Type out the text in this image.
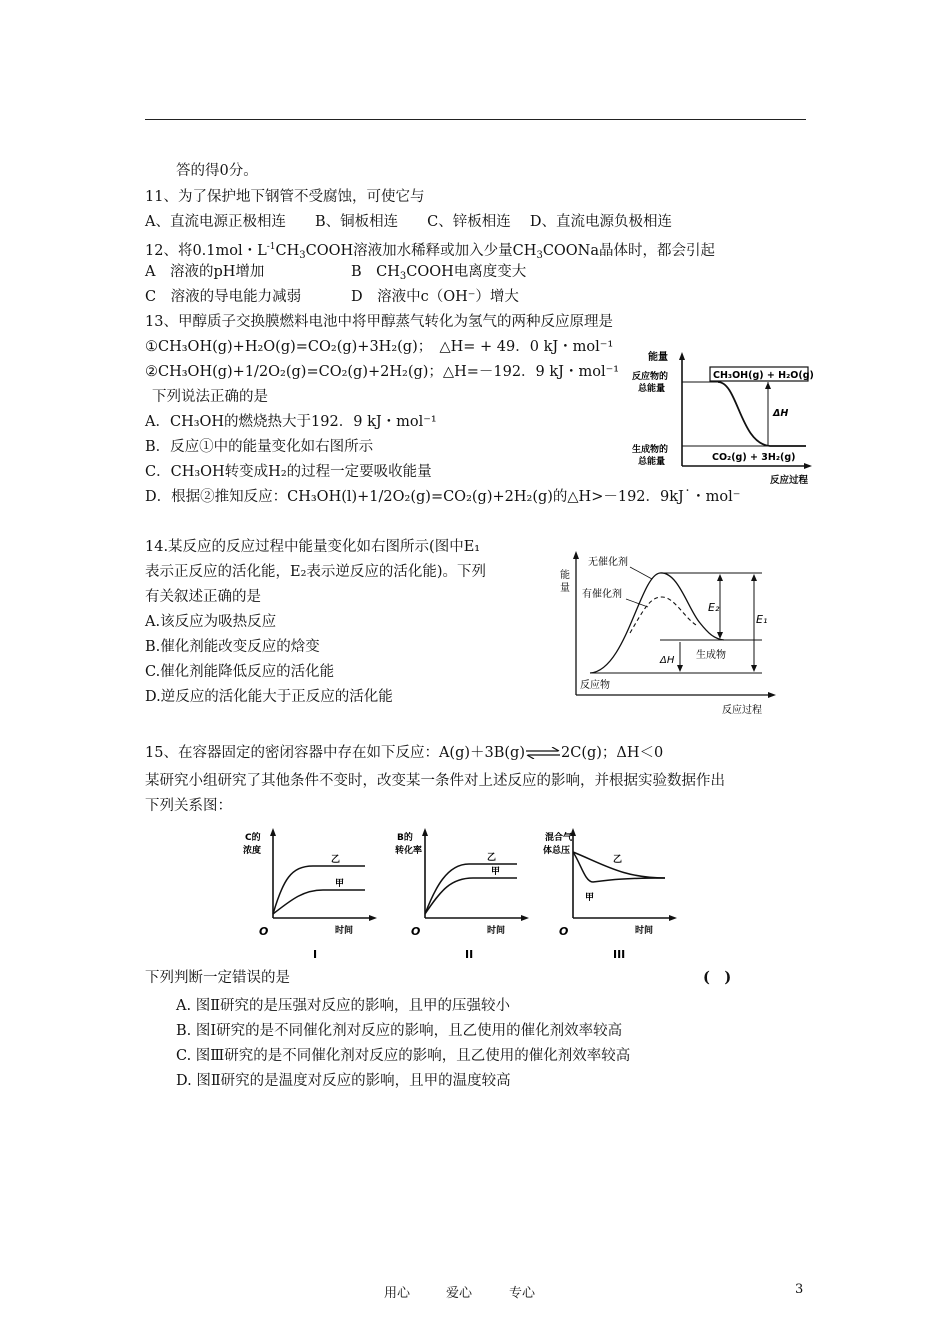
答的得0分。
11、为了保护地下钢管不受腐蚀，可使它与
A、直流电源正极相连　　B、铜板相连　　C、锌板相连　 D、直流电源负极相连
12、将0.1mol・$L^{-1}CH_3COOH$溶液加水稀释或加入少量$CH_3COONa$晶体时，都会引起
A　溶液的pH增加	B　$CH_3COOH$电离度变大
C　溶液的导电能力减弱	D　溶液中c（OH⁻）增大
13、甲醇质子交换膜燃料电池中将甲醇蒸气转化为氢气的两种反应原理是
①CH₃OH(g)+H₂O(g)=CO₂(g)+3H₂(g)；　△H= + 49．0 kJ・mol⁻¹
②CH₃OH(g)+1/2O₂(g)=CO₂(g)+2H₂(g)；△H=－192．9 kJ・mol⁻¹
下列说法正确的是
A．CH₃OH的燃烧热大于192．9 kJ・mol⁻¹
B．反应①中的能量变化如右图所示
C．CH₃OH转变成H₂的过程一定要吸收能量
D．根据②推知反应：CH₃OH(l)+1/2O₂(g)=CO₂(g)+2H₂(g)的△H>－192．9kJ˙・mol⁻
能量
反应物的
总能量
CH₃OH(g) + H₂O(g)
ΔH
生成物的
总能量	CO₂(g) + 3H₂(g)
反应过程
14.某反应的反应过程中能量变化如右图所示(图中E₁
表示正反应的活化能，E₂表示逆反应的活化能)。下列
有关叙述正确的是
A.该反应为吸热反应
B.催化剂能改变反应的焓变
C.催化剂能降低反应的活化能
D.逆反应的活化能大于正反应的活化能
能
量
E₂
E₁
ΔH
无催化剂
有催化剂
生成物
反应物
反应过程
15、在容器固定的密闭容器中存在如下反应：A(g)＋3B(g) 2C(g)；ΔH＜0
某研究小组研究了其他条件不变时，改变某一条件对上述反应的影响，并根据实验数据作出
下列关系图：
C的
浓度
O	时间
I
乙
甲
B的
转化率
O	时间
II
乙
甲
混合气
体总压
O	时间
III
乙
甲
下列判断一定错误的是	(　)
A. 图Ⅱ研究的是压强对反应的影响，且甲的压强较小
B. 图Ⅰ研究的是不同催化剂对反应的影响，且乙使用的催化剂效率较高
C. 图Ⅲ研究的是不同催化剂对反应的影响，且乙使用的催化剂效率较高
D. 图Ⅱ研究的是温度对反应的影响，且甲的温度较高
用心	爱心	专心	3
